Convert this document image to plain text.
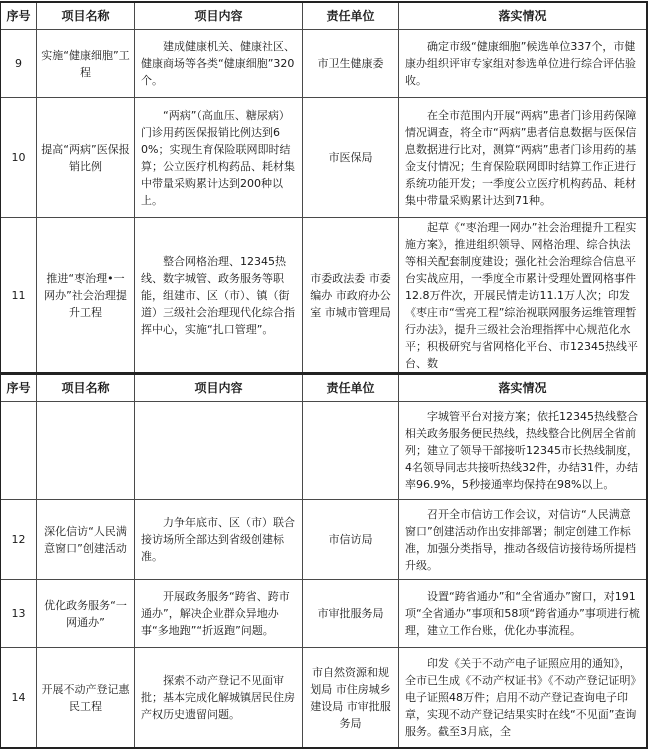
序号	项目名称	项目内容	责任单位	落实情况
9	实施“健康细胞”工程	建成健康机关、健康社区、健康商场等各类“健康细胞”320个。	市卫生健康委	确定市级“健康细胞”候选单位337个，市健康办组织评审专家组对参选单位进行综合评估验收。
10	提高“两病”医保报销比例	“两病”（高血压、糖尿病）门诊用药医保报销比例达到60%；实现生育保险联网即时结算；公立医疗机构药品、耗材集中带量采购累计达到200种以上。	市医保局	在全市范围内开展“两病”患者门诊用药保障情况调查，将全市“两病”患者信息数据与医保信息数据进行比对，测算“两病”患者门诊用药的基金支付情况；生育保险联网即时结算工作正进行系统功能开发；一季度公立医疗机构药品、耗材集中带量采购累计达到71种。
11	推进“枣治理•一网办”社会治理提升工程	整合网格治理、12345热线、数字城管、政务服务等职能，组建市、区（市）、镇（街道）三级社会治理现代化综合指挥中心，实施“扎口管理”。	市委政法委 市委编办 市政府办公室 市城市管理局	起草《“枣治理一网办”社会治理提升工程实施方案》，推进组织领导、网格治理、综合执法等相关配套制度建设；强化社会治理综合信息平台实战应用，一季度全市累计受理处置网格事件12.8万件次，开展民情走访11.1万人次；印发《枣庄市“雪亮工程”综治视联网服务运维管理暂行办法》，提升三级社会治理指挥中心规范化水平；积极研究与省网格化平台、市12345热线平台、数
序号	项目名称	项目内容	责任单位	落实情况
				字城管平台对接方案；依托12345热线整合相关政务服务便民热线，热线整合比例居全省前列；建立了领导干部接听12345市长热线制度，4名领导同志共接听热线32件，办结31件，办结率96.9%，5秒接通率均保持在98%以上。
12	深化信访“人民满意窗口”创建活动	力争年底市、区（市）联合接访场所全部达到省级创建标准。	市信访局	召开全市信访工作会议，对信访“人民满意窗口”创建活动作出安排部署；制定创建工作标准，加强分类指导，推动各级信访接待场所提档升级。
13	优化政务服务“一网通办”	开展政务服务“跨省、跨市通办”，解决企业群众异地办事“多地跑”“折返跑”问题。	市审批服务局	设置“跨省通办”和“全省通办”窗口，对191项“全省通办”事项和58项“跨省通办”事项进行梳理，建立工作台账，优化办事流程。
14	开展不动产登记惠民工程	探索不动产登记不见面审批；基本完成化解城镇居民住房产权历史遗留问题。	市自然资源和规划局 市住房城乡建设局 市审批服务局	印发《关于不动产电子证照应用的通知》，全市已生成《不动产权证书》《不动产登记证明》电子证照48万件；启用不动产登记查询电子印章，实现不动产登记结果实时在线“不见面”查询服务。截至3月底，全
